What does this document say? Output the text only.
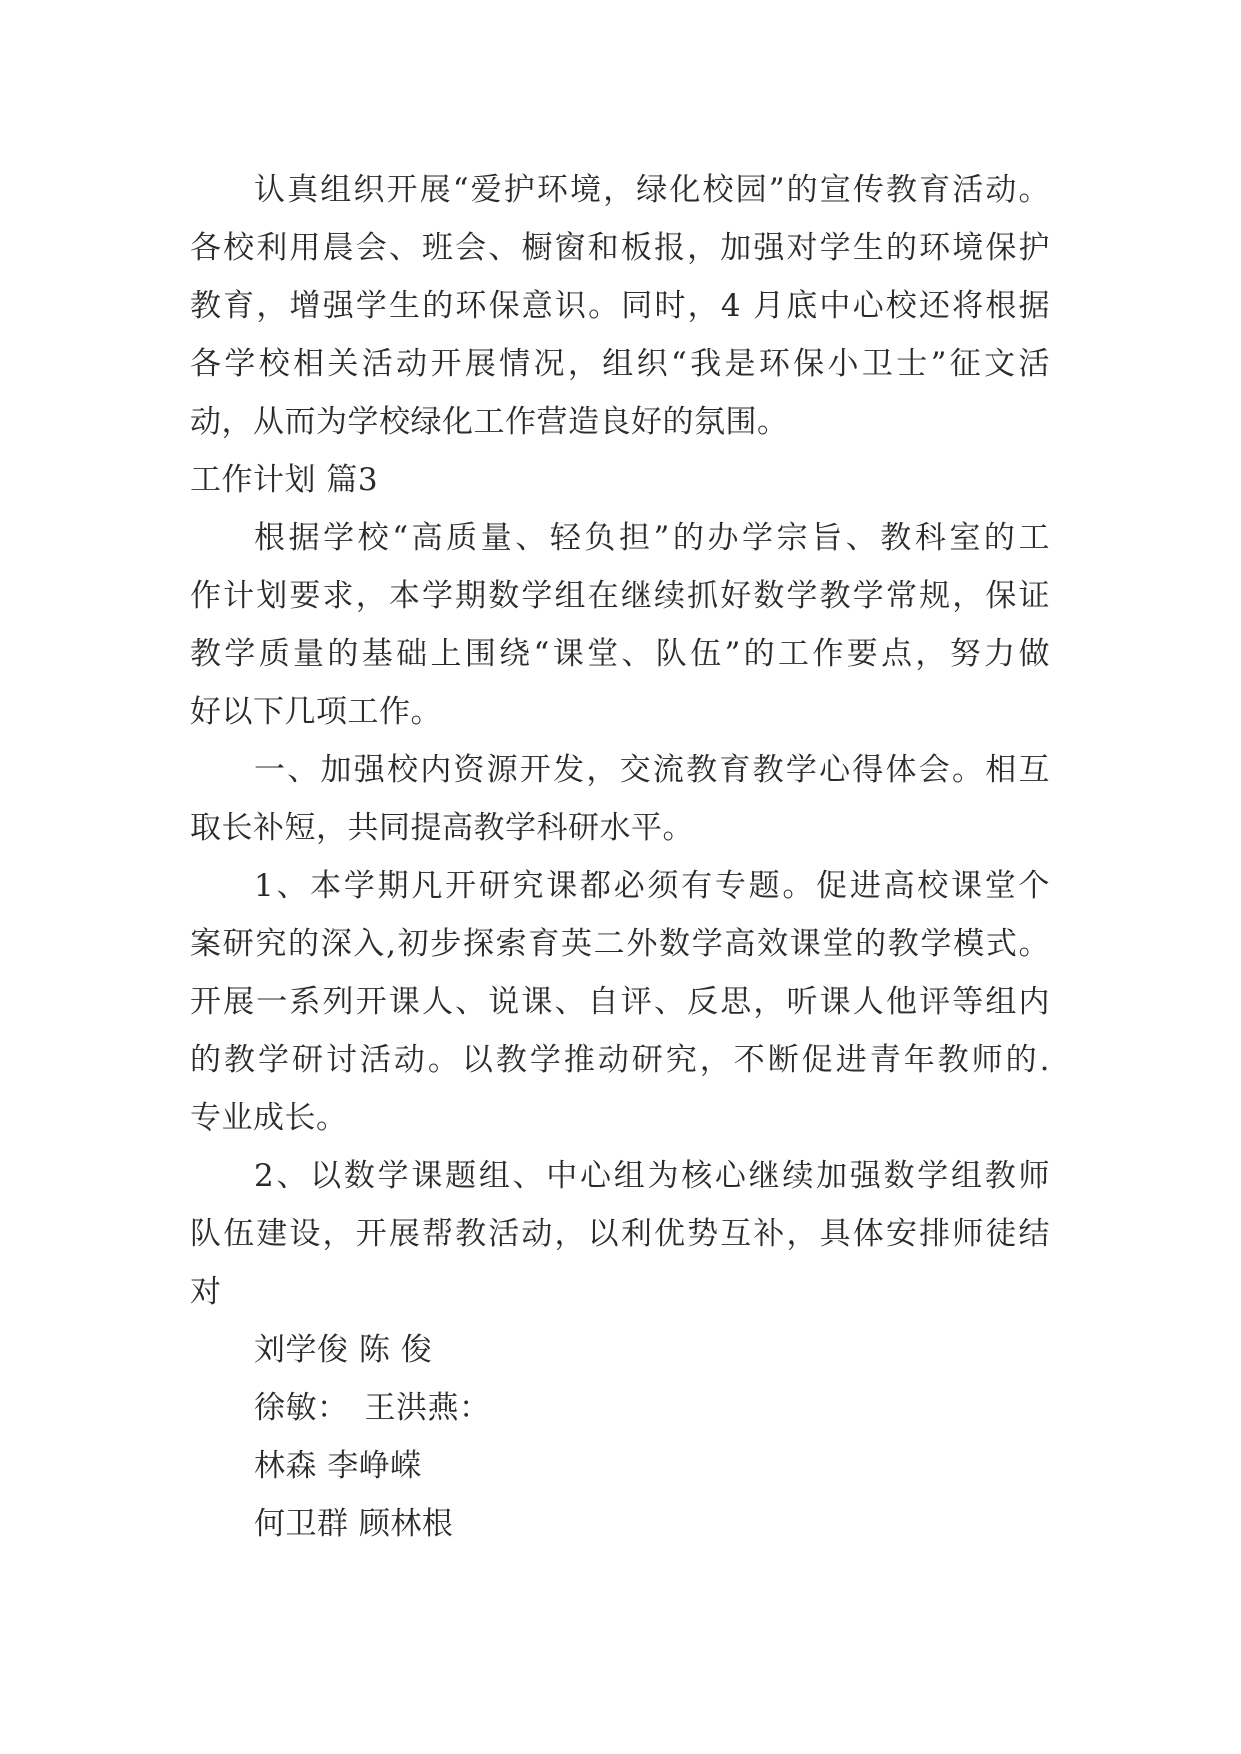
认真组织开展“爱护环境，绿化校园”的宣传教育活动。
各校利用晨会、班会、橱窗和板报，加强对学生的环境保护
教育，增强学生的环保意识。同时，4 月底中心校还将根据
各学校相关活动开展情况，组织“我是环保小卫士”征文活
动，从而为学校绿化工作营造良好的氛围。
工作计划 篇3
根据学校“高质量、轻负担”的办学宗旨、教科室的工
作计划要求，本学期数学组在继续抓好数学教学常规，保证
教学质量的基础上围绕“课堂、队伍”的工作要点，努力做
好以下几项工作。
一、加强校内资源开发，交流教育教学心得体会。相互
取长补短，共同提高教学科研水平。
1、本学期凡开研究课都必须有专题。促进高校课堂个
案研究的深入,初步探索育英二外数学高效课堂的教学模式。
开展一系列开课人、说课、自评、反思，听课人他评等组内
的教学研讨活动。以教学推动研究，不断促进青年教师的.
专业成长。
2、以数学课题组、中心组为核心继续加强数学组教师
队伍建设，开展帮教活动，以利优势互补，具体安排师徒结
对
刘学俊 陈 俊
徐敏：　王洪燕：
林森 李峥嵘
何卫群 顾林根
